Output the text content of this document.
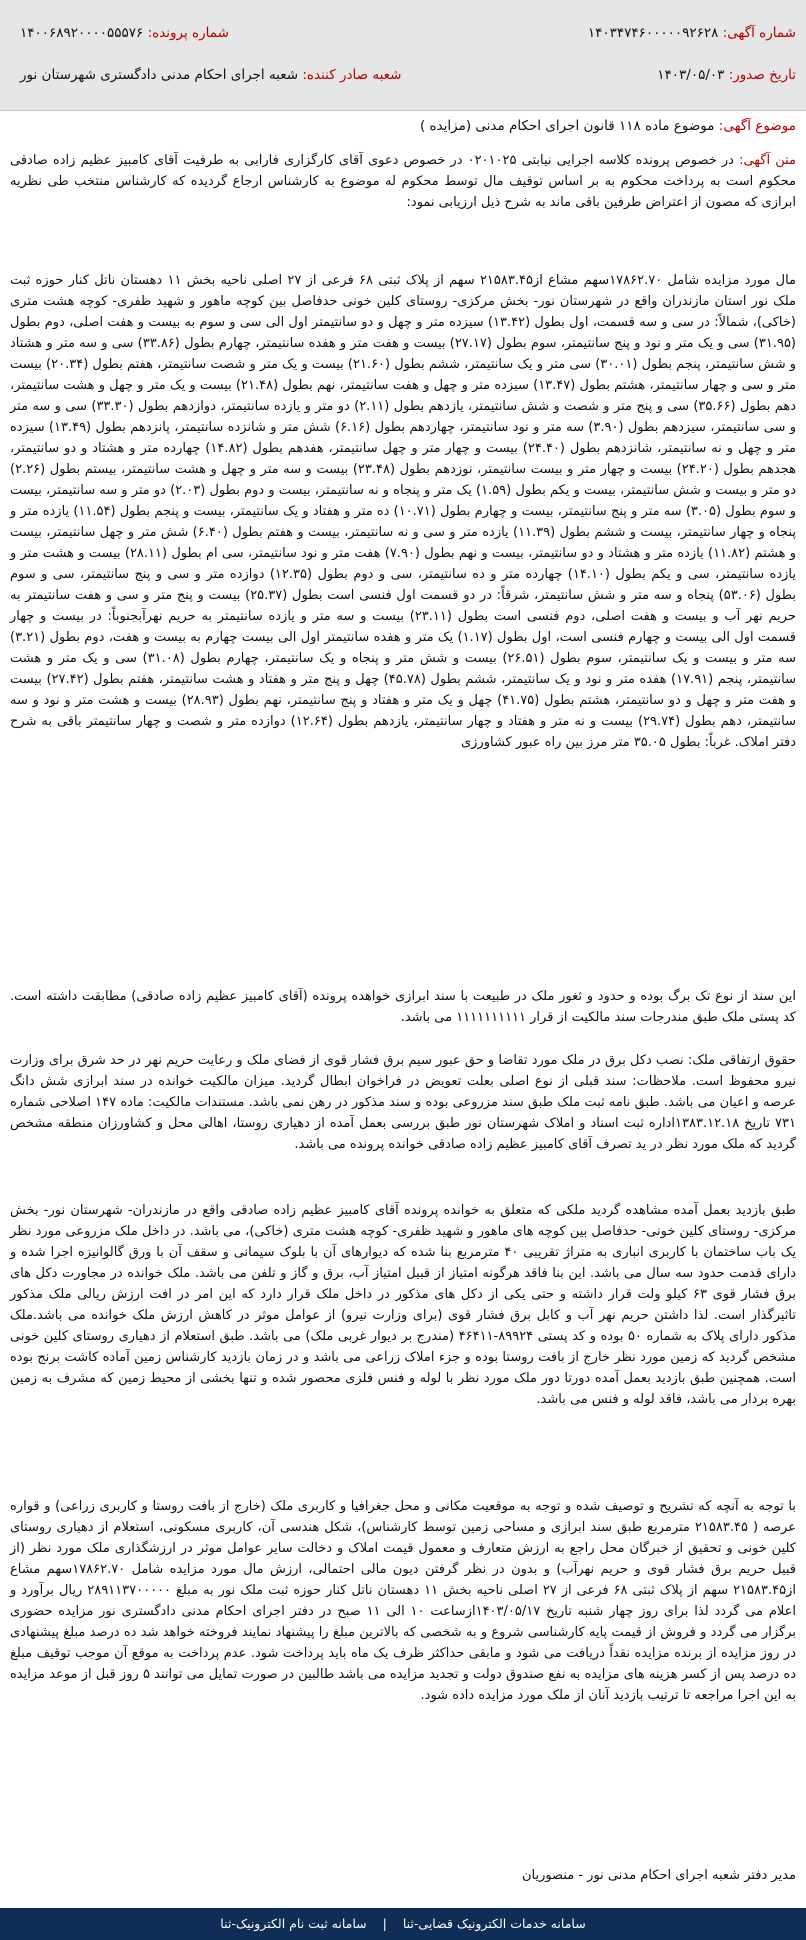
شماره آگهی: ۱۴۰۳۴۷۴۶۰۰۰۰۰۹۲۶۲۸
شماره پرونده: ۱۴۰۰۶۸۹۲۰۰۰۰۵۵۵۷۶
تاریخ صدور: ۱۴۰۳/۰۵/۰۳
شعبه صادر کننده: شعبه اجرای احکام مدنی دادگستری شهرستان نور
موضوع آگهی: موضوع ماده ۱۱۸ قانون اجرای احکام مدنی (مزایده )

متن آگهی: در خصوص پرونده کلاسه اجرایی نیابتی ۰۲۰۱۰۲۵ در خصوص دعوی آقای کارگزاری فارابی به طرفیت آقای کامبیز عظیم زاده صادقی محکوم است به پرداخت محکوم به بر اساس توقیف مال توسط محکوم له موضوع به کارشناس ارجاع گردیده که کارشناس منتخب طی نظریه ابرازی که مصون از اعتراض طرفین باقی ماند به شرح ذیل ارزیابی نمود:

مال مورد مزایده شامل ۱۷۸۶۲.۷۰سهم مشاع از۲۱۵۸۳.۴۵ سهم از پلاک ثبتی ۶۸ فرعی از ۲۷ اصلی ناحیه بخش ۱۱ دهستان ناتل کنار حوزه ثبت ملک نور استان مازندران واقع در شهرستان نور- بخش مرکزی- روستای کلین خونی حدفاصل بین کوچه ماهور و شهید ظفری- کوچه هشت متری (خاکی)، شمالاً: در سی و سه قسمت، اول بطول (۱۳.۴۲) سیزده متر و چهل و دو سانتیمتر اول الی سی و سوم به بیست و هفت اصلی، دوم بطول (۳۱.۹۵) سی و یک متر و نود و پنج سانتیمتر، سوم بطول (۲۷.۱۷) بیست و هفت متر و هفده سانتیمتر، چهارم بطول (۳۳.۸۶) سی و سه متر و هشتاد و شش سانتیمتر، پنجم بطول (۳۰.۰۱) سی متر و یک سانتیمتر، ششم بطول (۲۱.۶۰) بیست و یک متر و شصت سانتیمتر، هفتم بطول (۲۰.۳۴) بیست متر و سی و چهار سانتیمتر، هشتم بطول (۱۳.۴۷) سیزده متر و چهل و هفت سانتیمتر، نهم بطول (۲۱.۴۸) بیست و یک متر و چهل و هشت سانتیمتر، دهم بطول (۳۵.۶۶) سی و پنج متر و شصت و شش سانتیمتر، یازدهم بطول (۲.۱۱) دو متر و یازده سانتیمتر، دوازدهم بطول (۳۳.۳۰) سی و سه متر و سی سانتیمتر، سیزدهم بطول (۳.۹۰) سه متر و نود سانتیمتر، چهاردهم بطول (۶.۱۶) شش متر و شانزده سانتیمتر، پانزدهم بطول (۱۳.۴۹) سیزده متر و چهل و نه سانتیمتر، شانزدهم بطول (۲۴.۴۰) بیست و چهار متر و چهل سانتیمتر، هفدهم بطول (۱۴.۸۲) چهارده متر و هشتاد و دو سانتیمتر، هجدهم بطول (۲۴.۲۰) بیست و چهار متر و بیست سانتیمتر، نوزدهم بطول (۲۳.۴۸) بیست و سه متر و چهل و هشت سانتیمتر، بیستم بطول (۲.۲۶) دو متر و بیست و شش سانتیمتر، بیست و یکم بطول (۱.۵۹) یک متر و پنجاه و نه سانتیمتر، بیست و دوم بطول (۲.۰۳) دو متر و سه سانتیمتر، بیست و سوم بطول (۳.۰۵) سه متر و پنج سانتیمتر، بیست و چهارم بطول (۱۰.۷۱) ده متر و هفتاد و یک سانتیمتر، بیست و پنجم بطول (۱۱.۵۴) یازده متر و پنجاه و چهار سانتیمتر، بیست و ششم بطول (۱۱.۳۹) یازده متر و سی و نه سانتیمتر، بیست و هفتم بطول (۶.۴۰) شش متر و چهل سانتیمتر، بیست و هشتم (۱۱.۸۲) یازده متر و هشتاد و دو سانتیمتر، بیست و نهم بطول (۷.۹۰) هفت متر و نود سانتیمتر، سی ام بطول (۲۸.۱۱) بیست و هشت متر و یازده سانتیمتر، سی و یکم بطول (۱۴.۱۰) چهارده متر و ده سانتیمتر، سی و دوم بطول (۱۲.۳۵) دوازده متر و سی و پنج سانتیمتر، سی و سوم بطول (۵۳.۰۶) پنجاه و سه متر و شش سانتیمتر، شرقاً: در دو قسمت اول فنسی است بطول (۲۵.۳۷) بیست و پنج متر و سی و هفت سانتیمتر به حریم نهر آب و بیست و هفت اصلی، دوم فنسی است بطول (۲۳.۱۱) بیست و سه متر و یازده سانتیمتر به حریم نهرآبجنوباً: در بیست و چهار قسمت اول الی بیست و چهارم فنسی است، اول بطول (۱.۱۷) یک متر و هفده سانتیمتر اول الی بیست چهارم به بیست و هفت، دوم بطول (۳.۲۱) سه متر و بیست و یک سانتیمتر، سوم بطول (۲۶.۵۱) بیست و شش متر و پنجاه و یک سانتیمتر، چهارم بطول (۳۱.۰۸) سی و یک متر و هشت سانتیمتر، پنجم (۱۷.۹۱) هفده متر و نود و یک سانتیمتر، ششم بطول (۴۵.۷۸) چهل و پنج متر و هفتاد و هشت سانتیمتر، هفتم بطول (۲۷.۴۲) بیست و هفت متر و چهل و دو سانتیمتر، هشتم بطول (۴۱.۷۵) چهل و یک متر و هفتاد و پنج سانتیمتر، نهم بطول (۲۸.۹۳) بیست و هشت متر و نود و سه سانتیمتر، دهم بطول (۲۹.۷۴) بیست و نه متر و هفتاد و چهار سانتیمتر، یازدهم بطول (۱۲.۶۴) دوازده متر و شصت و چهار سانتیمتر باقی به شرح دفتر املاک. غرباً: بطول ۳۵.۰۵ متر مرز بین راه عبور کشاورزی

این سند از نوع تک برگ بوده و حدود و ثغور ملک در طبیعت با سند ابرازی خواهده پرونده (آقای کامبیز عظیم زاده صادقی) مطابقت داشته است. کد پستی ملک طبق مندرجات سند مالکیت از قرار ۱۱۱۱۱۱۱۱۱۱ می باشد.

حقوق ارتفاقی ملک: نصب دکل برق در ملک مورد تقاضا و حق عبور سیم برق فشار قوی از فضای ملک و رعایت حریم نهر در حد شرق برای وزارت نیرو محفوظ است. ملاحظات: سند قبلی از نوع اصلی بعلت تعویض در فراخوان ابطال گردید. میزان مالکیت خوانده در سند ابرازی شش دانگ عرصه و اعیان می باشد. طبق نامه ثبت ملک طبق سند مزروعی بوده و سند مذکور در رهن نمی باشد. مستندات مالکیت: ماده ۱۴۷ اصلاحی شماره ۷۳۱ تاریخ ۱۳۸۳.۱۲.۱۸اداره ثبت اسناد و املاک شهرستان نور طبق بررسی بعمل آمده از دهیاری روستا، اهالی محل و کشاورزان منطقه مشخص گردید که ملک مورد نظر در ید تصرف آقای کامبیز عظیم زاده صادقی خوانده پرونده می باشد.

طبق بازدید بعمل آمده مشاهده گردید ملکی که متعلق به خوانده پرونده آقای کامبیز عظیم زاده صادقی واقع در مازندران- شهرستان نور- بخش مرکزی- روستای کلین خونی- حدفاصل بین کوچه های ماهور و شهید ظفری- کوچه هشت متری (خاکی)، می باشد. در داخل ملک مزروعی مورد نظر یک باب ساختمان با کاربری انباری به متراژ تقریبی ۴۰ مترمربع بنا شده که دیوارهای آن با بلوک سیمانی و سقف آن با ورق گالوانیزه اجرا شده و دارای قدمت حدود سه سال می باشد. این بنا فاقد هرگونه امتیاز از قبیل امتیاز آب، برق و گاز و تلفن می باشد. ملک خوانده در مجاورت دکل های برق فشار قوی ۶۳ کیلو ولت قرار داشته و حتی یکی از دکل های مذکور در داخل ملک قرار دارد که این امر در افت ارزش ریالی ملک مذکور تاثیرگذار است. لذا داشتن حریم نهر آب و کابل برق فشار قوی (برای وزارت نیرو) از عوامل موثر در کاهش ارزش ملک خوانده می باشد.ملک مذکور دارای پلاک به شماره ۵۰ بوده و کد پستی ۸۹۹۲۴-۴۶۴۱۱ (مندرج بر دیوار غربی ملک) می باشد. طبق استعلام از دهیاری روستای کلین خونی مشخص گردید که زمین مورد نظر خارج از بافت روستا بوده و جزء املاک زراعی می باشد و در زمان بازدید کارشناس زمین آماده کاشت برنج بوده است. همچنین طبق بازدید بعمل آمده دورتا دور ملک مورد نظر با لوله و فنس فلزی محصور شده و تنها بخشی از محیط زمین که مشرف به زمین بهره بردار می باشد، فاقد لوله و فنس می باشد.

با توجه به آنچه که تشریح و توصیف شده و توجه به موقعیت مکانی و محل جغرافیا و کاربری ملک (خارج از بافت روستا و کاربری زراعی) و قواره عرصه ( ۲۱۵۸۳.۴۵ مترمربع طبق سند ابرازی و مساحی زمین توسط کارشناس)، شکل هندسی آن، کاربری مسکونی، استعلام از دهیاری روستای کلین خونی و تحقیق از خبرگان محل راجع به ارزش متعارف و معمول قیمت املاک و دخالت سایر عوامل موثر در ارزشگذاری ملک مورد نظر (از قبیل حریم برق فشار قوی و حریم نهرآب) و بدون در نظر گرفتن دیون مالی احتمالی، ارزش مال مورد مزایده شامل ۱۷۸۶۲.۷۰سهم مشاع از۲۱۵۸۳.۴۵ سهم از پلاک ثبتی ۶۸ فرعی از ۲۷ اصلی ناحیه بخش ۱۱ دهستان ناتل کنار حوزه ثبت ملک نور به مبلغ ۲۸۹۱۱۳۷۰۰۰۰۰ ریال برآورد و اعلام می گردد لذا برای روز چهار شنبه تاریخ ۱۴۰۳/۰۵/۱۷ازساعت ۱۰ الی ۱۱ صبح در دفتر اجرای احکام مدنی دادگستری نور مزایده حضوری برگزار می گردد و فروش از قیمت پایه کارشناسی شروع و به شخصی که بالاترین مبلغ را پیشنهاد نمایند فروخته خواهد شد ده درصد مبلغ پیشنهادی در روز مزایده از برنده مزایده نقداً دریافت می شود و مابقی حداکثر ظرف یک ماه باید پرداخت شود. عدم پرداخت به موقع آن موجب توقیف مبلغ ده درصد پس از کسر هزینه های مزایده به نفع صندوق دولت و تجدید مزایده می باشد طالبین در صورت تمایل می توانند ۵ روز قبل از موعد مزایده به این اجرا مراجعه تا ترتیب بازدید آنان از ملک مورد مزایده داده شود.

مدیر دفتر شعبه اجرای احکام مدنی نور - منصوریان
سامانه خدمات الکترونیک قضایی-ثنا | سامانه ثبت نام الکترونیک-ثنا
